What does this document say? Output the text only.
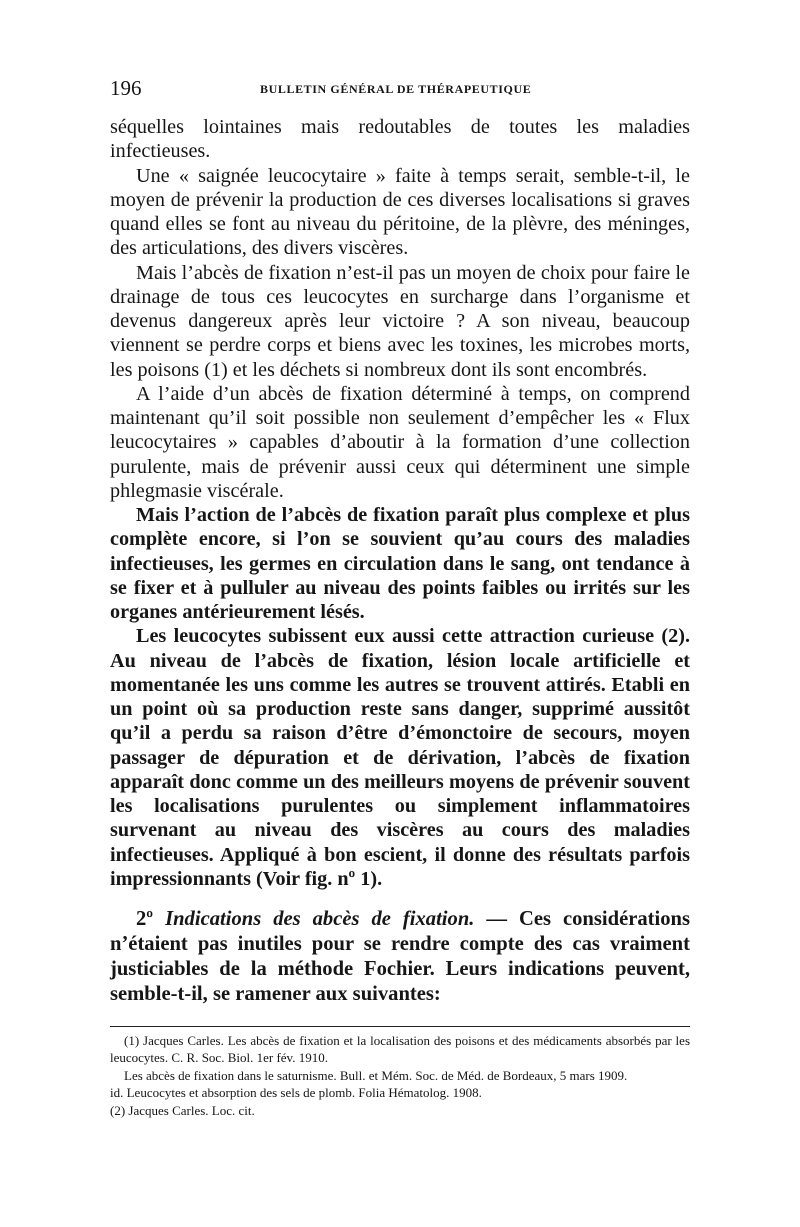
196	BULLETIN GÉNÉRAL DE THÉRAPEUTIQUE

séquelles lointaines mais redoutables de toutes les maladies infectieuses.

Une « saignée leucocytaire » faite à temps serait, semble-t-il, le moyen de prévenir la production de ces diverses localisations si graves quand elles se font au niveau du péritoine, de la plèvre, des méninges, des articulations, des divers viscères.

Mais l’abcès de fixation n’est-il pas un moyen de choix pour faire le drainage de tous ces leucocytes en surcharge dans l’organisme et devenus dangereux après leur victoire ? A son niveau, beaucoup viennent se perdre corps et biens avec les toxines, les microbes morts, les poisons (1) et les déchets si nombreux dont ils sont encombrés.

A l’aide d’un abcès de fixation déterminé à temps, on comprend maintenant qu’il soit possible non seulement d’empêcher les « Flux leucocytaires » capables d’aboutir à la formation d’une collection purulente, mais de prévenir aussi ceux qui déterminent une simple phlegmasie viscérale.

Mais l’action de l’abcès de fixation paraît plus complexe et plus complète encore, si l’on se souvient qu’au cours des maladies infectieuses, les germes en circulation dans le sang, ont tendance à se fixer et à pulluler au niveau des points faibles ou irrités sur les organes antérieurement lésés.

Les leucocytes subissent eux aussi cette attraction curieuse (2). Au niveau de l’abcès de fixation, lésion locale artificielle et momentanée les uns comme les autres se trouvent attirés. Etabli en un point où sa production reste sans danger, supprimé aussitôt qu’il a perdu sa raison d’être d’émonctoire de secours, moyen passager de dépuration et de dérivation, l’abcès de fixation apparaît donc comme un des meilleurs moyens de prévenir souvent les localisations purulentes ou simplement inflammatoires survenant au niveau des viscères au cours des maladies infectieuses. Appliqué à bon escient, il donne des résultats parfois impressionnants (Voir fig. nº 1).

2º Indications des abcès de fixation. — Ces considérations n’étaient pas inutiles pour se rendre compte des cas vraiment justiciables de la méthode Fochier. Leurs indications peuvent, semble-t-il, se ramener aux suivantes:

(1) Jacques Carles. Les abcès de fixation et la localisation des poisons et des médicaments absorbés par les leucocytes. C. R. Soc. Biol. 1er fév. 1910.

Les abcès de fixation dans le saturnisme. Bull. et Mém. Soc. de Méd. de Bordeaux, 5 mars 1909.

id. Leucocytes et absorption des sels de plomb. Folia Hématolog. 1908.

(2) Jacques Carles. Loc. cit.
